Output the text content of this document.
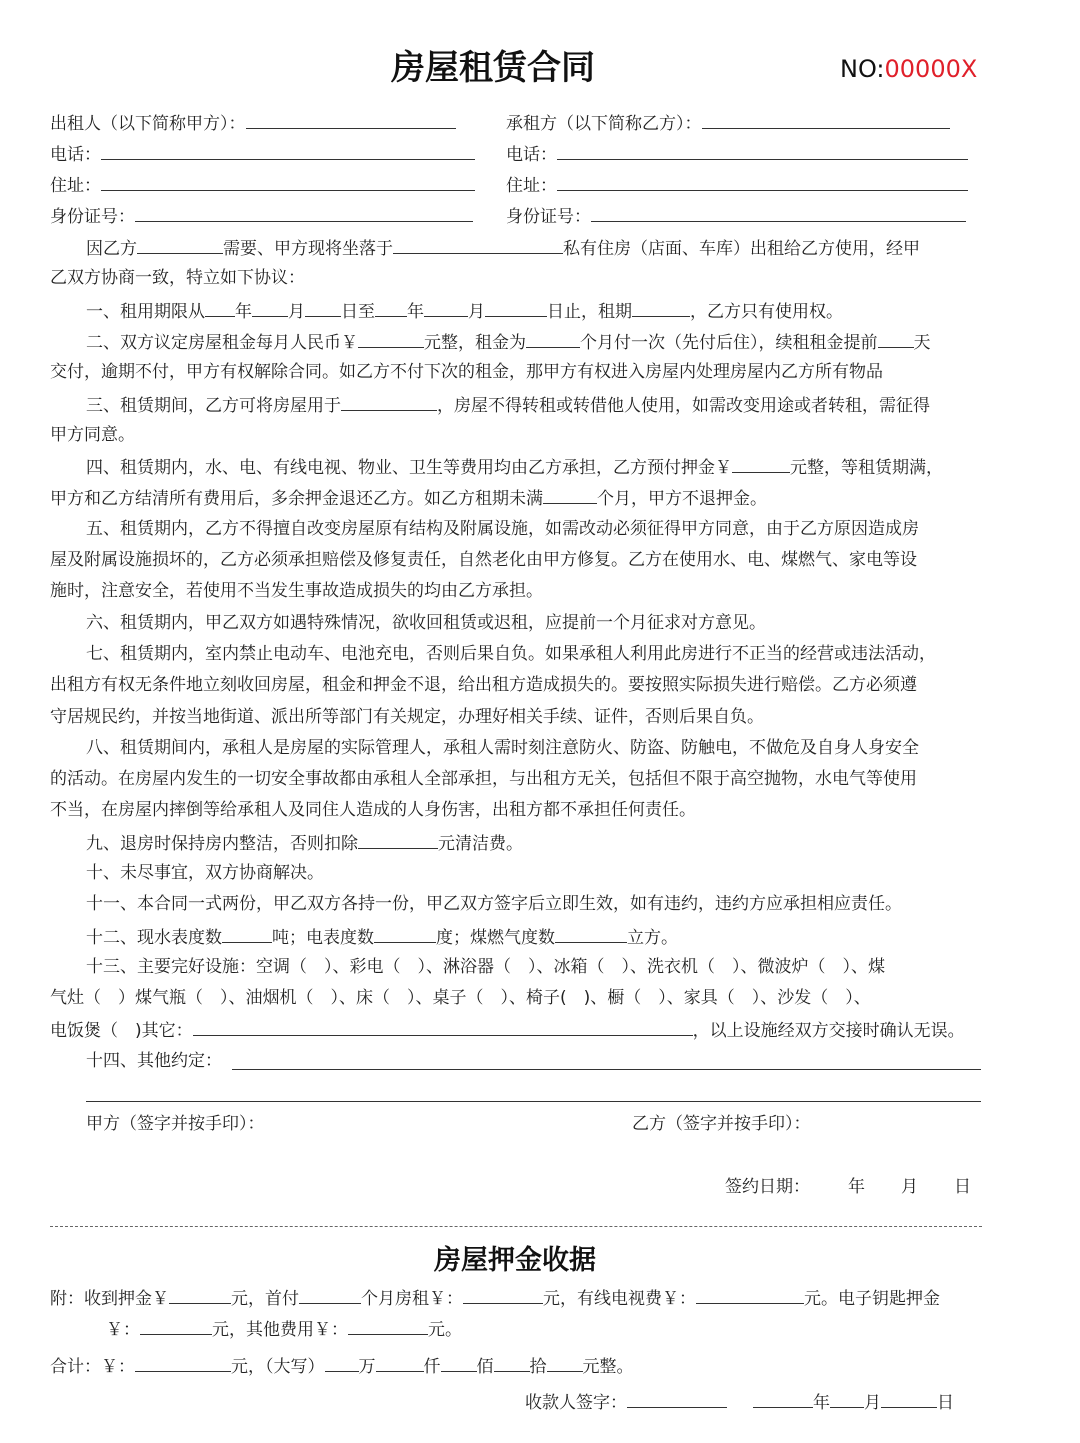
房屋租赁合同	NO:00000X
出租人（以下简称甲方）：	承租方（以下简称乙方）：
电话：	电话：
住址：	住址：
身份证号：	身份证号：
因乙方	需要、甲方现将坐落于	私有住房（店面、车库）出租给乙方使用，经甲
乙双方协商一致，特立如下协议：
一、租用期限从 年 月 日至 年	月	日止，租期	，乙方只有使用权。
二、双方议定房屋租金每月人民币￥	元整，租金为	个月付一次（先付后住），续租租金提前 天
交付，逾期不付，甲方有权解除合同。如乙方不付下次的租金，那甲方有权进入房屋内处理房屋内乙方所有物品
三、租赁期间，乙方可将房屋用于	，房屋不得转租或转借他人使用，如需改变用途或者转租，需征得
甲方同意。
四、租赁期内，水、电、有线电视、物业、卫生等费用均由乙方承担，乙方预付押金￥	元整，等租赁期满，
甲方和乙方结清所有费用后，多余押金退还乙方。如乙方租期未满	个月，甲方不退押金。
五、租赁期内，乙方不得擅自改变房屋原有结构及附属设施，如需改动必须征得甲方同意，由于乙方原因造成房
屋及附属设施损坏的，乙方必须承担赔偿及修复责任，自然老化由甲方修复。乙方在使用水、电、煤燃气、家电等设
施时，注意安全，若使用不当发生事故造成损失的均由乙方承担。
六、租赁期内，甲乙双方如遇特殊情况，欲收回租赁或迟租，应提前一个月征求对方意见。
七、租赁期内，室内禁止电动车、电池充电，否则后果自负。如果承租人利用此房进行不正当的经营或违法活动，
出租方有权无条件地立刻收回房屋，租金和押金不退，给出租方造成损失的。要按照实际损失进行赔偿。乙方必须遵
守居规民约，并按当地街道、派出所等部门有关规定，办理好相关手续、证件，否则后果自负。
八、租赁期间内，承租人是房屋的实际管理人，承租人需时刻注意防火、防盗、防触电，不做危及自身人身安全
的活动。在房屋内发生的一切安全事故都由承租人全部承担，与出租方无关，包括但不限于高空抛物，水电气等使用
不当，在房屋内摔倒等给承租人及同住人造成的人身伤害，出租方都不承担任何责任。
九、退房时保持房内整洁，否则扣除	元清洁费。
十、未尽事宜，双方协商解决。
十一、本合同一式两份，甲乙双方各持一份，甲乙双方签字后立即生效，如有违约，违约方应承担相应责任。
十二、现水表度数	吨；电表度数	度；煤燃气度数	立方。
十三、主要完好设施：空调（　）、彩电（　）、淋浴器（　）、冰箱（　）、洗衣机（　）、微波炉（　）、煤
气灶（　）煤气瓶（　）、油烟机（　）、床（　）、桌子（　）、椅子(　)、橱（　）、家具（　）、沙发（　）、
电饭煲（　)其它：	，以上设施经双方交接时确认无误。
十四、其他约定：
甲方（签字并按手印）：	乙方（签字并按手印）：
签约日期： 年 月 日
房屋押金收据
附：收到押金￥	元，首付	个月房租￥：	元，有线电视费￥：	元。电子钥匙押金
￥：	元，其他费用￥：	元。
合计：￥：	元，（大写） 万	仟 佰 拾 元整。
收款人签字：	年 月	日
